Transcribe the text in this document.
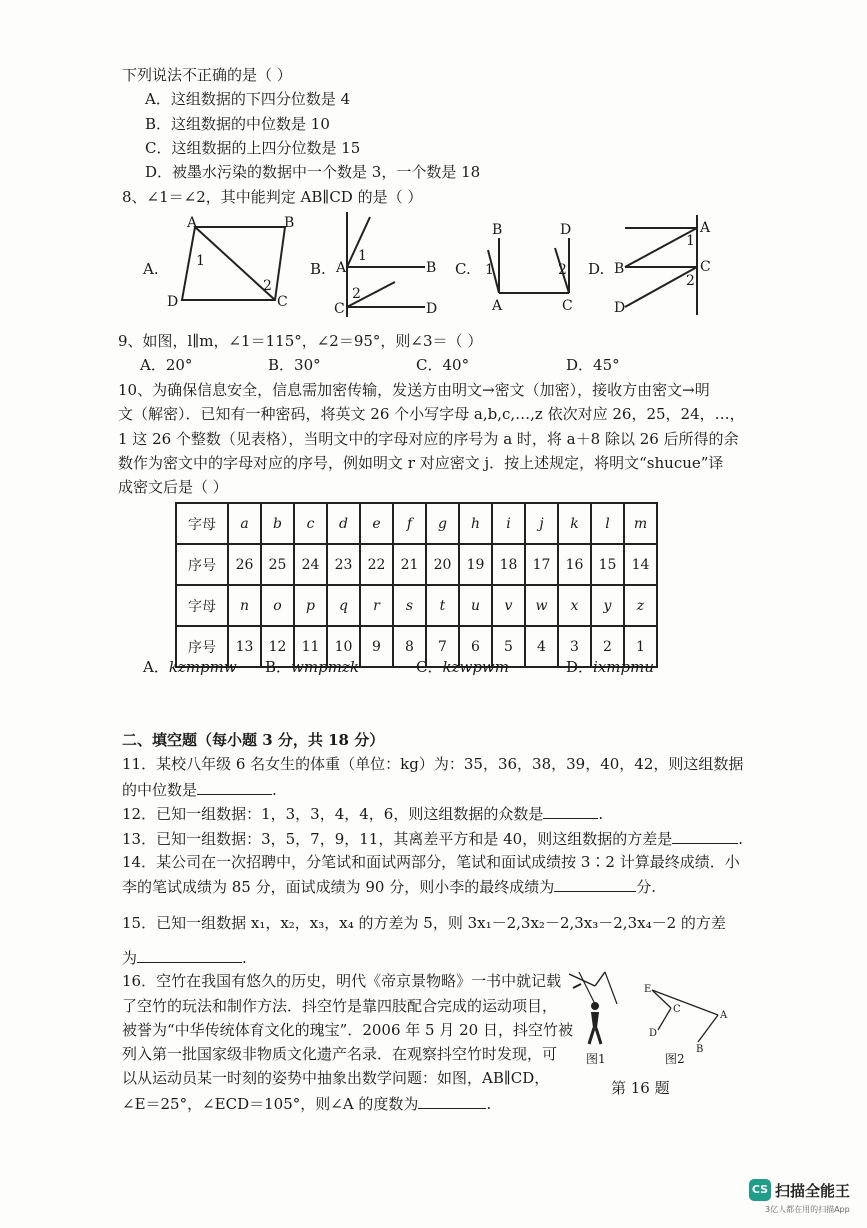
下列说法不正确的是（ ）
A．这组数据的下四分位数是 4
B．这组数据的中位数是 10
C．这组数据的上四分位数是 15
D．被墨水污染的数据中一个数是 3，一个数是 18
8、∠1＝∠2，其中能判定 AB∥CD 的是（ ）
A.
A	B
C
D
1
2
B. A	B
C	D
1
2
C.
B	D
A	C
1	2 D.
A
B	C
D
1
2
9、如图，l∥m，∠1＝115°，∠2＝95°，则∠3＝（ ）
A．20°	B．30°	C．40°	D．45°
10、为确保信息安全，信息需加密传输，发送方由明文→密文（加密），接收方由密文→明
文（解密）．已知有一种密码，将英文 26 个小写字母 a,b,c,…,z 依次对应 26，25，24，…，
1 这 26 个整数（见表格），当明文中的字母对应的序号为 a 时，将 a＋8 除以 26 后所得的余
数作为密文中的字母对应的序号，例如明文 r 对应密文 j．按上述规定，将明文“shucue”译
成密文后是（ ）
字母	a	b	c	d	e	f	g	h	i	j	k	l	m
序号	26	25	24	23	22	21	20	19	18	17	16	15	14
字母	n	o	p	q	r	s	t	u	v	w	x	y	z
序号	13	12	11	10	9	8	7	6	5	4	3	2	1
A．kzmpmw B．wmpmzk	C．kzwpwm	D．ixmpmu
二、填空题（每小题 3 分，共 18 分）
11．某校八年级 6 名女生的体重（单位：kg）为：35，36，38，39，40，42，则这组数据
的中位数是	.
12．已知一组数据：1，3，3，4，4，6，则这组数据的众数是	.
13．已知一组数据：3，5，7，9，11，其离差平方和是 40，则这组数据的方差是	.
14．某公司在一次招聘中，分笔试和面试两部分，笔试和面试成绩按 3∶2 计算最终成绩．小
李的笔试成绩为 85 分，面试成绩为 90 分，则小李的最终成绩为	分.
15．已知一组数据 x₁，x₂，x₃，x₄ 的方差为 5，则 3x₁－2,3x₂－2,3x₃－2,3x₄－2 的方差
为	.
16．空竹在我国有悠久的历史，明代《帝京景物略》一书中就记载
了空竹的玩法和制作方法．抖空竹是靠四肢配合完成的运动项目，
被誉为“中华传统体育文化的瑰宝”．2006 年 5 月 20 日，抖空竹被
列入第一批国家级非物质文化遗产名录．在观察抖空竹时发现，可
以从运动员某一时刻的姿势中抽象出数学问题：如图，AB∥CD，
∠E＝25°，∠ECD＝105°，则∠A 的度数为	.
图1
E
C
D
A
B
图2
第 16 题
CS 扫描全能王
3亿人都在用的扫描App
